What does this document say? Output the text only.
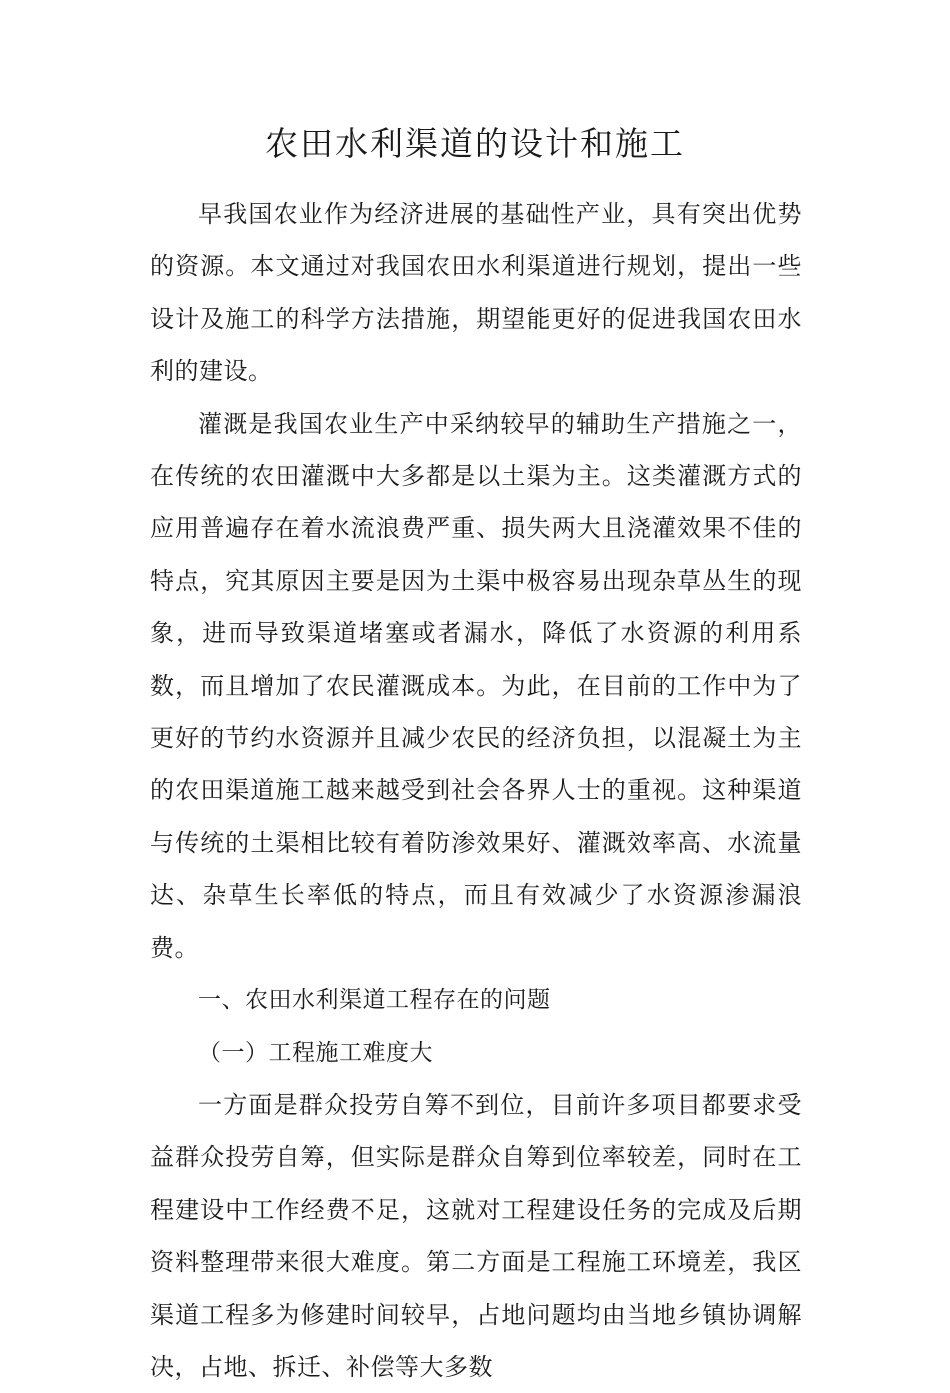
农田水利渠道的设计和施工

早我国农业作为经济进展的基础性产业，具有突出优势的资源。本文通过对我国农田水利渠道进行规划，提出一些设计及施工的科学方法措施，期望能更好的促进我国农田水利的建设。

灌溉是我国农业生产中采纳较早的辅助生产措施之一，在传统的农田灌溉中大多都是以土渠为主。这类灌溉方式的应用普遍存在着水流浪费严重、损失两大且浇灌效果不佳的特点，究其原因主要是因为土渠中极容易出现杂草丛生的现象，进而导致渠道堵塞或者漏水，降低了水资源的利用系数，而且增加了农民灌溉成本。为此，在目前的工作中为了更好的节约水资源并且减少农民的经济负担，以混凝土为主的农田渠道施工越来越受到社会各界人士的重视。这种渠道与传统的土渠相比较有着防渗效果好、灌溉效率高、水流量达、杂草生长率低的特点，而且有效减少了水资源渗漏浪费。

一、农田水利渠道工程存在的问题

（一）工程施工难度大

一方面是群众投劳自筹不到位，目前许多项目都要求受益群众投劳自筹，但实际是群众自筹到位率较差，同时在工程建设中工作经费不足，这就对工程建设任务的完成及后期资料整理带来很大难度。第二方面是工程施工环境差，我区渠道工程多为修建时间较早，占地问题均由当地乡镇协调解决，占地、拆迁、补偿等大多数
